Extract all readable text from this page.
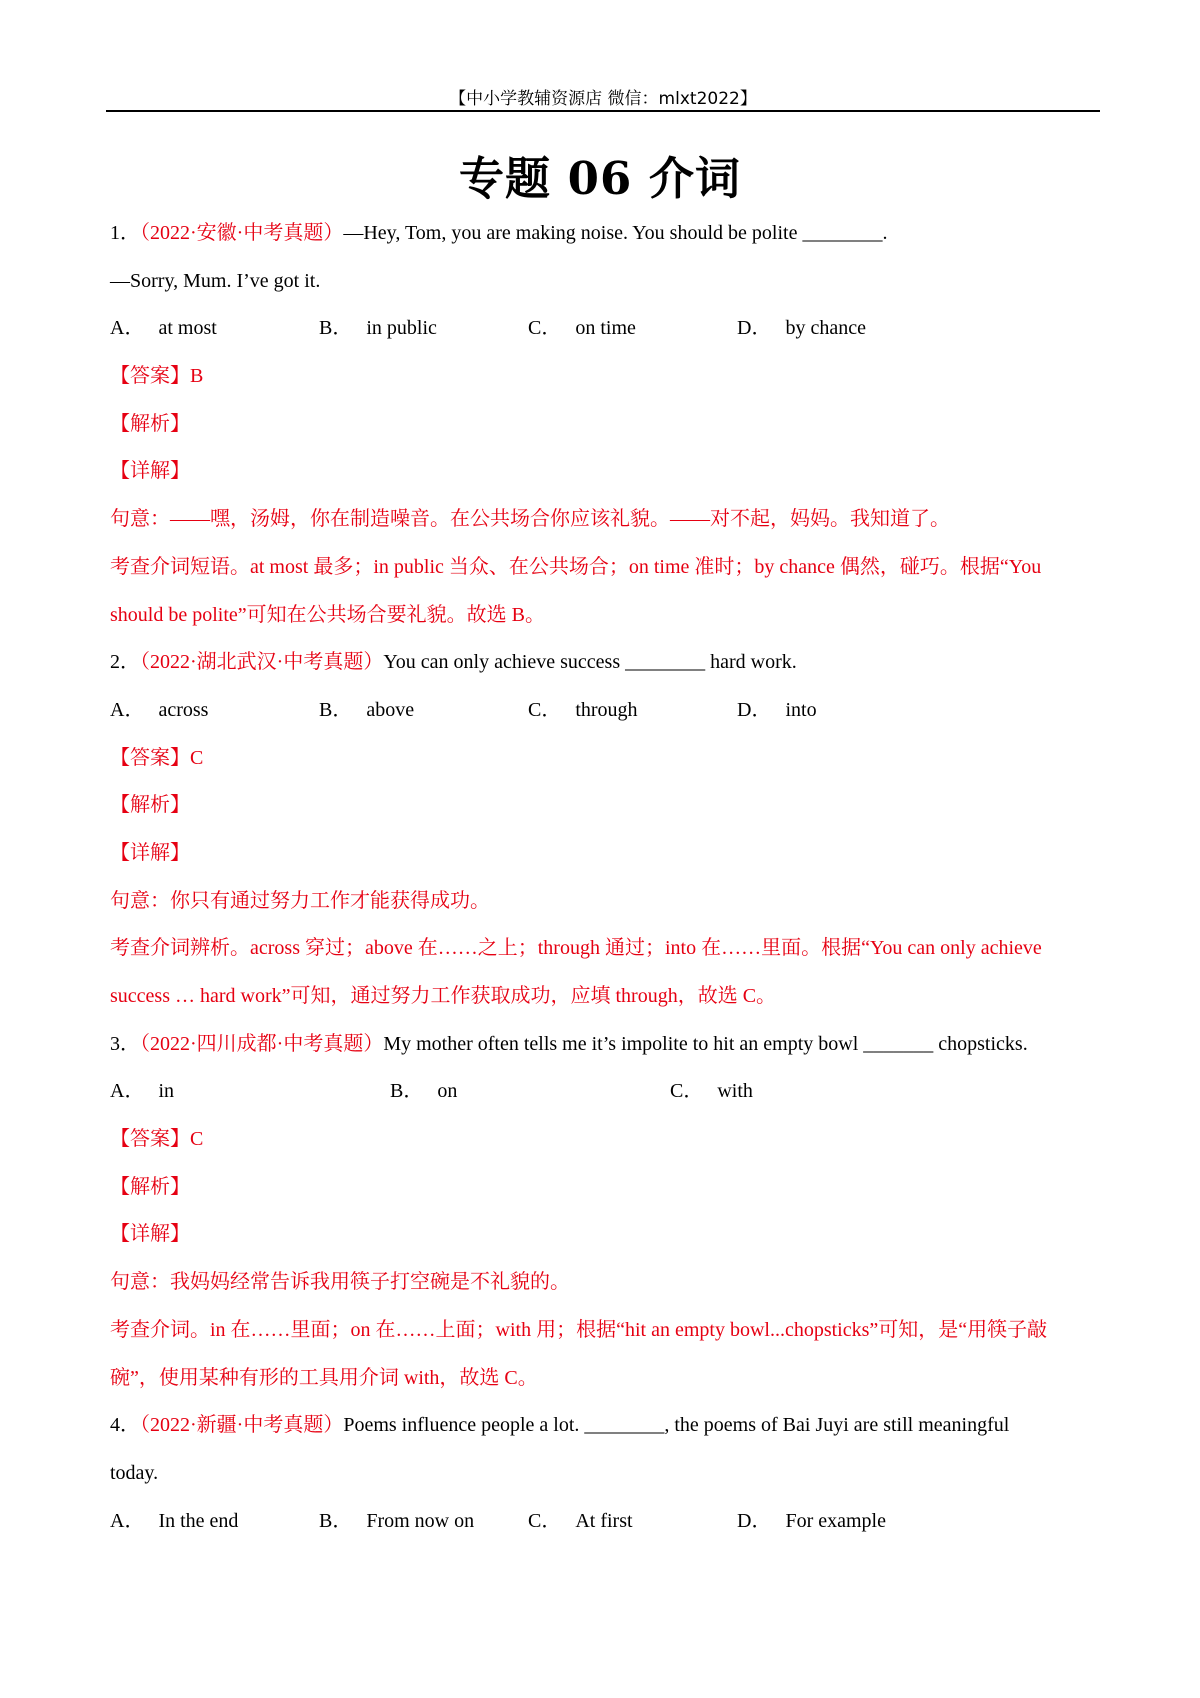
【中小学教辅资源店 微信：mlxt2022】
专题 06 介词
1．（2022·安徽·中考真题）—Hey, Tom, you are making noise. You should be polite ________.
—Sorry, Mum. I’ve got it.
A． at most	B． in public	C． on time	D． by chance
【答案】B
【解析】
【详解】
句意：——嘿，汤姆，你在制造噪音。在公共场合你应该礼貌。——对不起，妈妈。我知道了。
考查介词短语。at most 最多；in public 当众、在公共场合；on time 准时；by chance 偶然，碰巧。根据“You
should be polite”可知在公共场合要礼貌。故选 B。
2．（2022·湖北武汉·中考真题）You can only achieve success ________ hard work.
A． across	B． above	C． through	D． into
【答案】C
【解析】
【详解】
句意：你只有通过努力工作才能获得成功。
考查介词辨析。across 穿过；above 在……之上；through 通过；into 在……里面。根据“You can only achieve
success … hard work”可知，通过努力工作获取成功，应填 through，故选 C。
3．（2022·四川成都·中考真题）My mother often tells me it’s impolite to hit an empty bowl _______ chopsticks.
A． in	B． on	C． with
【答案】C
【解析】
【详解】
句意：我妈妈经常告诉我用筷子打空碗是不礼貌的。
考查介词。in 在……里面；on 在……上面；with 用；根据“hit an empty bowl...chopsticks”可知，是“用筷子敲
碗”，使用某种有形的工具用介词 with，故选 C。
4．（2022·新疆·中考真题）Poems influence people a lot. ________, the poems of Bai Juyi are still meaningful
today.
A． In the end	B． From now on	C． At first	D． For example
